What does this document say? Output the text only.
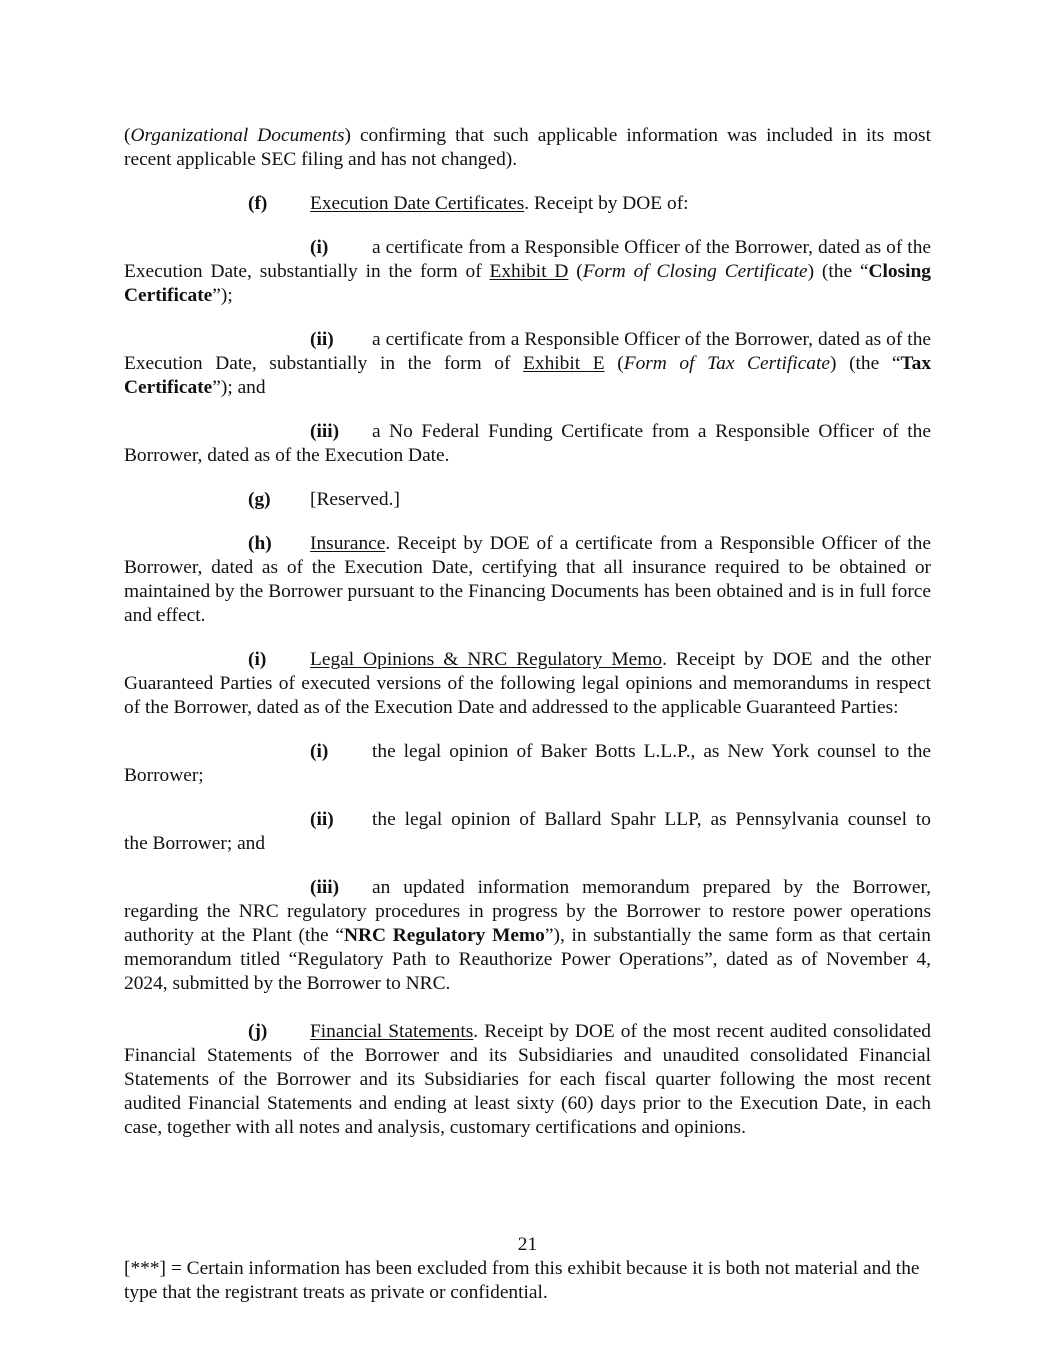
(Organizational Documents) confirming that such applicable information was included in its most recent applicable SEC filing and has not changed).

(f) Execution Date Certificates. Receipt by DOE of:

(i) a certificate from a Responsible Officer of the Borrower, dated as of the Execution Date, substantially in the form of Exhibit D (Form of Closing Certificate) (the “Closing Certificate”);

(ii) a certificate from a Responsible Officer of the Borrower, dated as of the Execution Date, substantially in the form of Exhibit E (Form of Tax Certificate) (the “Tax Certificate”); and

(iii) a No Federal Funding Certificate from a Responsible Officer of the Borrower, dated as of the Execution Date.

(g) [Reserved.]

(h) Insurance. Receipt by DOE of a certificate from a Responsible Officer of the Borrower, dated as of the Execution Date, certifying that all insurance required to be obtained or maintained by the Borrower pursuant to the Financing Documents has been obtained and is in full force and effect.

(i) Legal Opinions & NRC Regulatory Memo. Receipt by DOE and the other Guaranteed Parties of executed versions of the following legal opinions and memorandums in respect of the Borrower, dated as of the Execution Date and addressed to the applicable Guaranteed Parties:

(i) the legal opinion of Baker Botts L.L.P., as New York counsel to the
Borrower;

(ii) the legal opinion of Ballard Spahr LLP, as Pennsylvania counsel to
the Borrower; and

(iii) an updated information memorandum prepared by the Borrower, regarding the NRC regulatory procedures in progress by the Borrower to restore power operations authority at the Plant (the “NRC Regulatory Memo”), in substantially the same form as that certain memorandum titled “Regulatory Path to Reauthorize Power Operations”, dated as of November 4, 2024, submitted by the Borrower to NRC.

(j) Financial Statements. Receipt by DOE of the most recent audited consolidated Financial Statements of the Borrower and its Subsidiaries and unaudited consolidated Financial Statements of the Borrower and its Subsidiaries for each fiscal quarter following the most recent audited Financial Statements and ending at least sixty (60) days prior to the Execution Date, in each case, together with all notes and analysis, customary certifications and opinions.

21
[***] = Certain information has been excluded from this exhibit because it is both not material and the type that the registrant treats as private or confidential.
